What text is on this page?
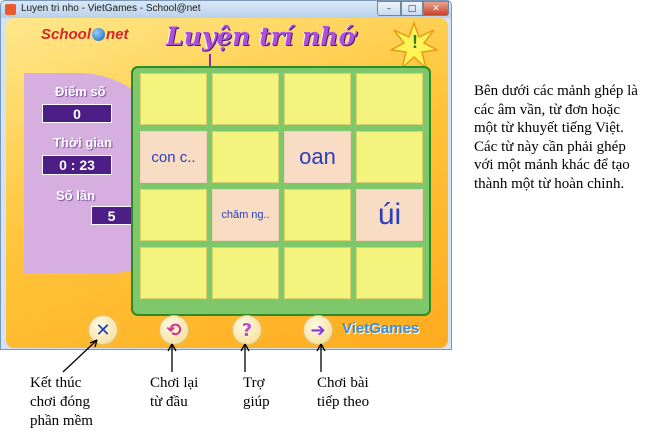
Luyen tri nho - VietGames - School@net	–	□	✕
School net Luyện trí nhớ	!
Điểm số
0
Thời gian
0 : 23
Số lần
5
con c..	oan
chăm ng..	úi
✕	⟲	?	➔ VietGames
Bên dưới các mảnh ghép là các âm vần, từ đơn hoặc một từ khuyết tiếng Việt. Các từ này cần phải ghép với một mảnh khác để tạo thành một từ hoàn chỉnh.
Kết thúc
chơi đóng
phần mềm
Chơi lại
từ đầu
Trợ
giúp
Chơi bài
tiếp theo
